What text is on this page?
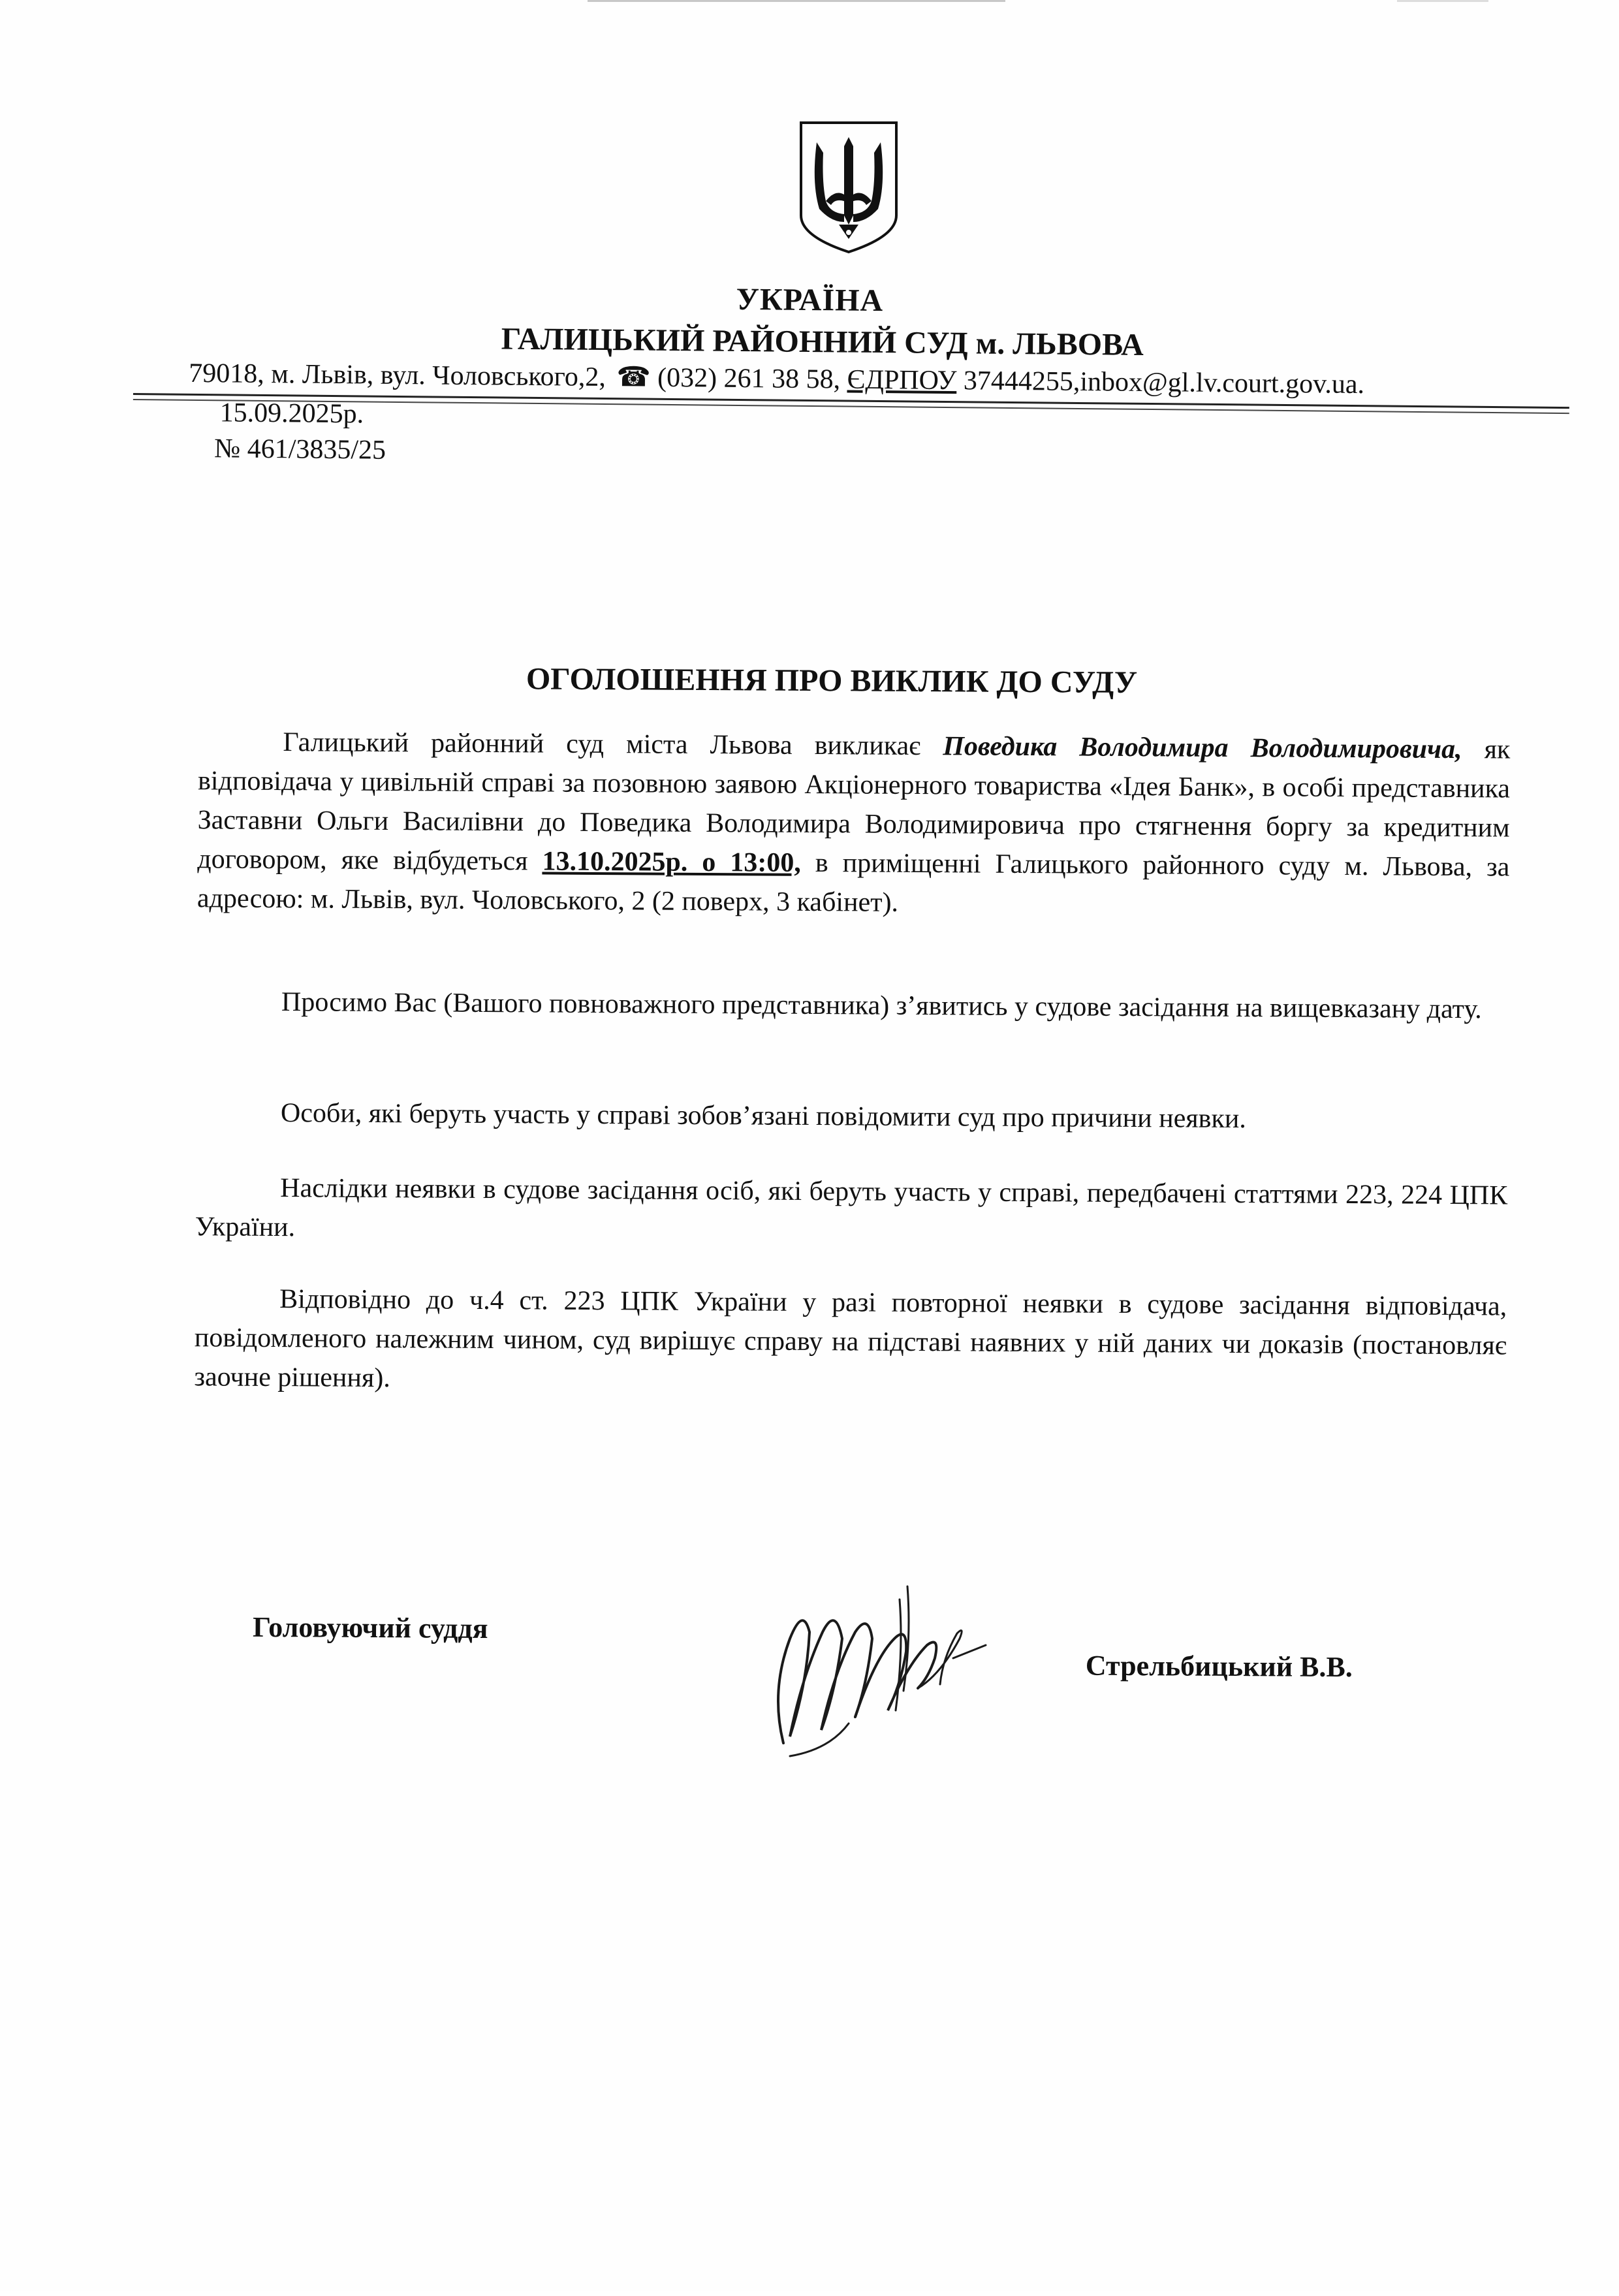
УКРАЇНА
ГАЛИЦЬКИЙ РАЙОННИЙ СУД м. ЛЬВОВА
79018, м. Львів, вул. Чоловського,2, ☎ (032) 261 38 58, ЄДРПОУ 37444255,inbox@gl.lv.court.gov.ua.
15.09.2025р.
№ 461/3835/25
ОГОЛОШЕННЯ ПРО ВИКЛИК ДО СУДУ
Галицький районний суд міста Львова викликає Поведика Володимира Володимировича, як відповідача у цивільній справі за позовною заявою Акціонерного товариства «Ідея Банк», в особі представника Заставни Ольги Василівни до Поведика Володимира Володимировича про стягнення боргу за кредитним договором, яке відбудеться 13.10.2025р. о 13:00, в приміщенні Галицького районного суду м. Львова, за адресою: м. Львів, вул. Чоловського, 2 (2 поверх, 3 кабінет).
Просимо Вас (Вашого повноважного представника) з’явитись у судове засідання на вищевказану дату.
Особи, які беруть участь у справі зобов’язані повідомити суд про причини неявки.
Наслідки неявки в судове засідання осіб, які беруть участь у справі, передбачені статтями 223, 224 ЦПК України.
Відповідно до ч.4 ст. 223 ЦПК України у разі повторної неявки в судове засідання відповідача, повідомленого належним чином, суд вирішує справу на підставі наявних у ній даних чи доказів (постановляє заочне рішення).
Головуючий суддя
Стрельбицький В.В.
